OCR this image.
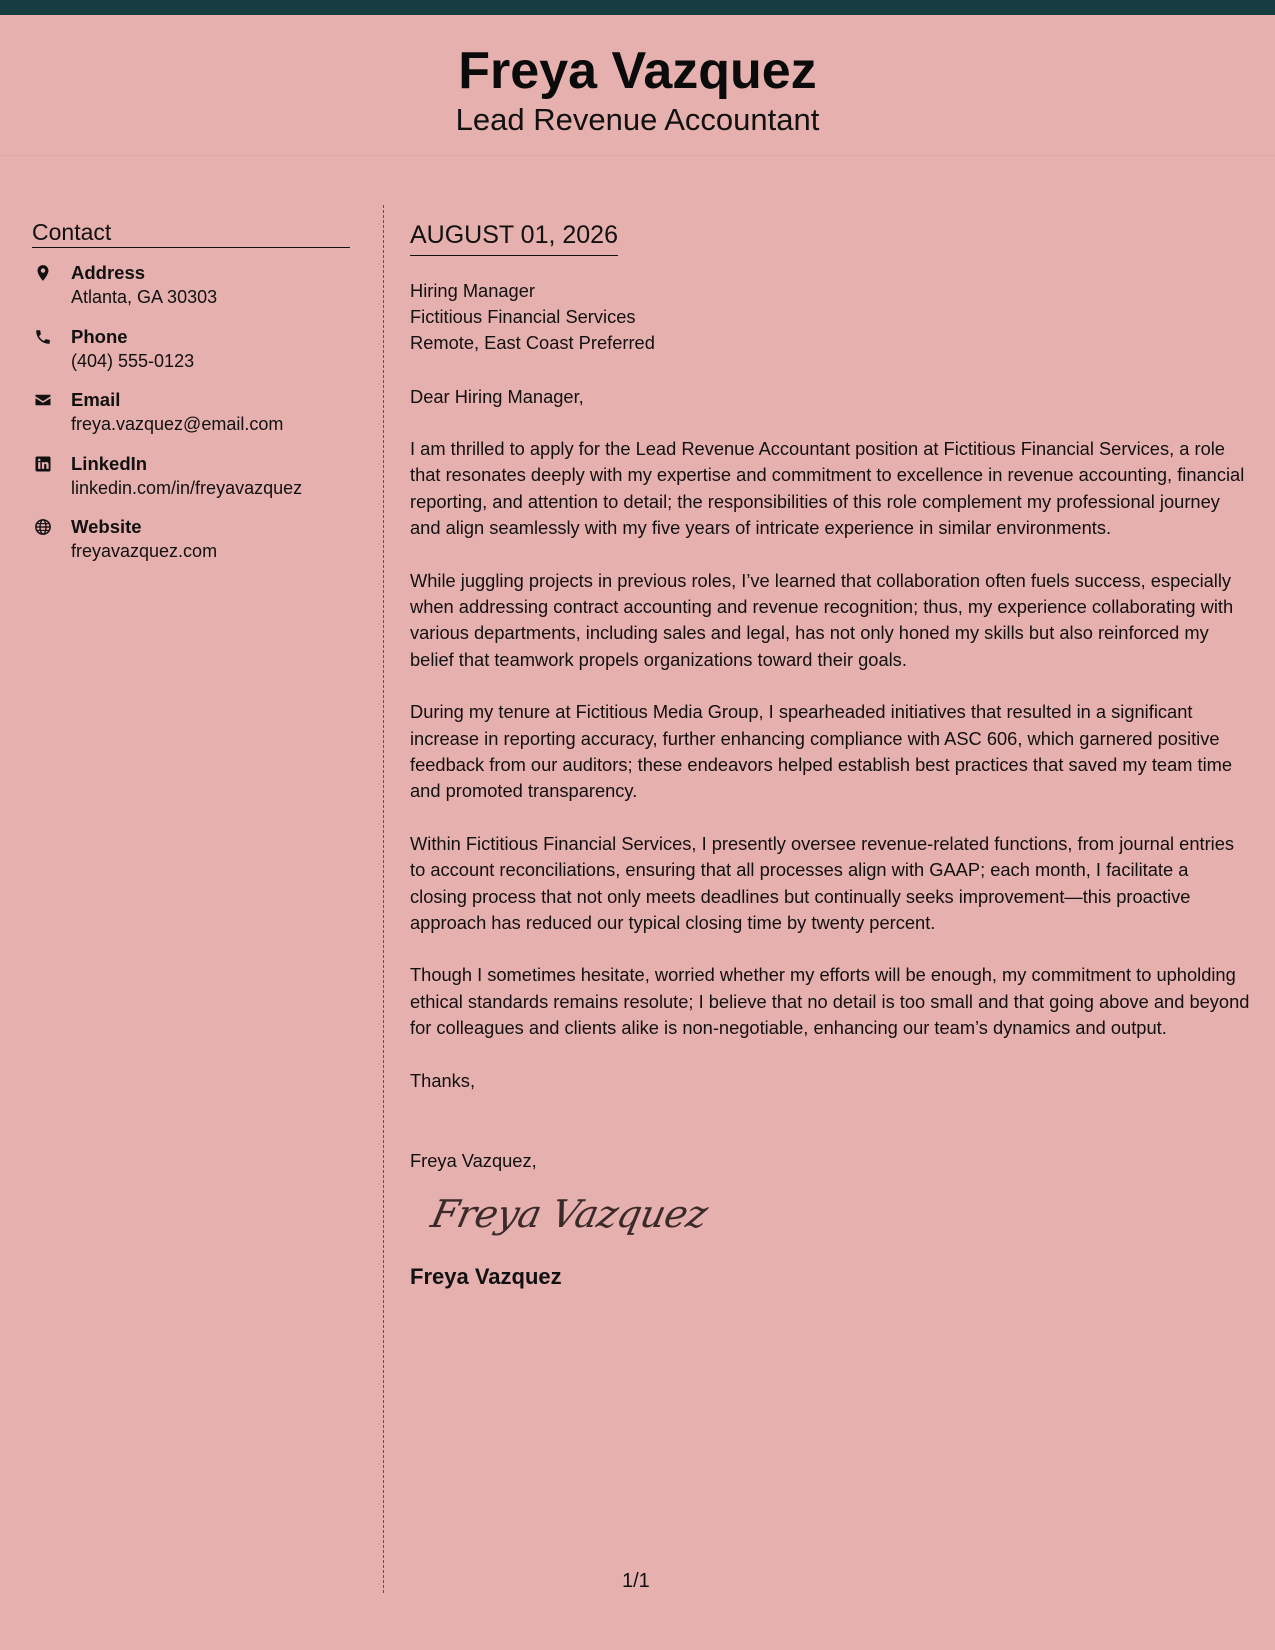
Freya Vazquez
Lead Revenue Accountant
Contact
Address
Atlanta, GA 30303
Phone
(404) 555-0123
Email
freya.vazquez@email.com
LinkedIn
linkedin.com/in/freyavazquez
Website
freyavazquez.com
AUGUST 01, 2026
Hiring Manager
Fictitious Financial Services
Remote, East Coast Preferred
Dear Hiring Manager,
I am thrilled to apply for the Lead Revenue Accountant position at Fictitious Financial Services, a role that resonates deeply with my expertise and commitment to excellence in revenue accounting, financial reporting, and attention to detail; the responsibilities of this role complement my professional journey and align seamlessly with my five years of intricate experience in similar environments.
While juggling projects in previous roles, I’ve learned that collaboration often fuels success, especially when addressing contract accounting and revenue recognition; thus, my experience collaborating with various departments, including sales and legal, has not only honed my skills but also reinforced my belief that teamwork propels organizations toward their goals.
During my tenure at Fictitious Media Group, I spearheaded initiatives that resulted in a significant increase in reporting accuracy, further enhancing compliance with ASC 606, which garnered positive feedback from our auditors; these endeavors helped establish best practices that saved my team time and promoted transparency.
Within Fictitious Financial Services, I presently oversee revenue-related functions, from journal entries to account reconciliations, ensuring that all processes align with GAAP; each month, I facilitate a closing process that not only meets deadlines but continually seeks improvement—this proactive approach has reduced our typical closing time by twenty percent.
Though I sometimes hesitate, worried whether my efforts will be enough, my commitment to upholding ethical standards remains resolute; I believe that no detail is too small and that going above and beyond for colleagues and clients alike is non-negotiable, enhancing our team’s dynamics and output.
Thanks,
Freya Vazquez,
Freya Vazquez
Freya Vazquez
1/1
